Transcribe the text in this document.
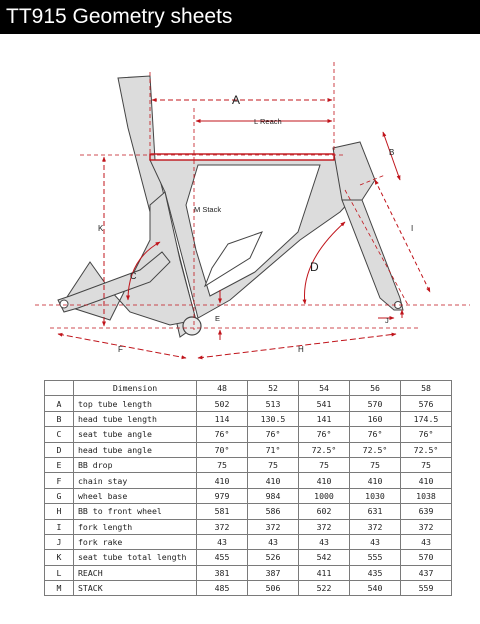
TT915 Geometry sheets
A
L Reach
B
M Stack
K	I
C
D
E	J
F	H
	Dimension	48	52	54	56	58
A	top tube length	502	513	541	570	576
B	head tube length	114	130.5	141	160	174.5
C	seat tube angle	76°	76°	76°	76°	76°
D	head tube angle	70°	71°	72.5°	72.5°	72.5°
E	BB drop	75	75	75	75	75
F	chain stay	410	410	410	410	410
G	wheel base	979	984	1000	1030	1038
H	BB to front wheel	581	586	602	631	639
I	fork length	372	372	372	372	372
J	fork rake	43	43	43	43	43
K	seat tube total length	455	526	542	555	570
L	REACH	381	387	411	435	437
M	STACK	485	506	522	540	559
